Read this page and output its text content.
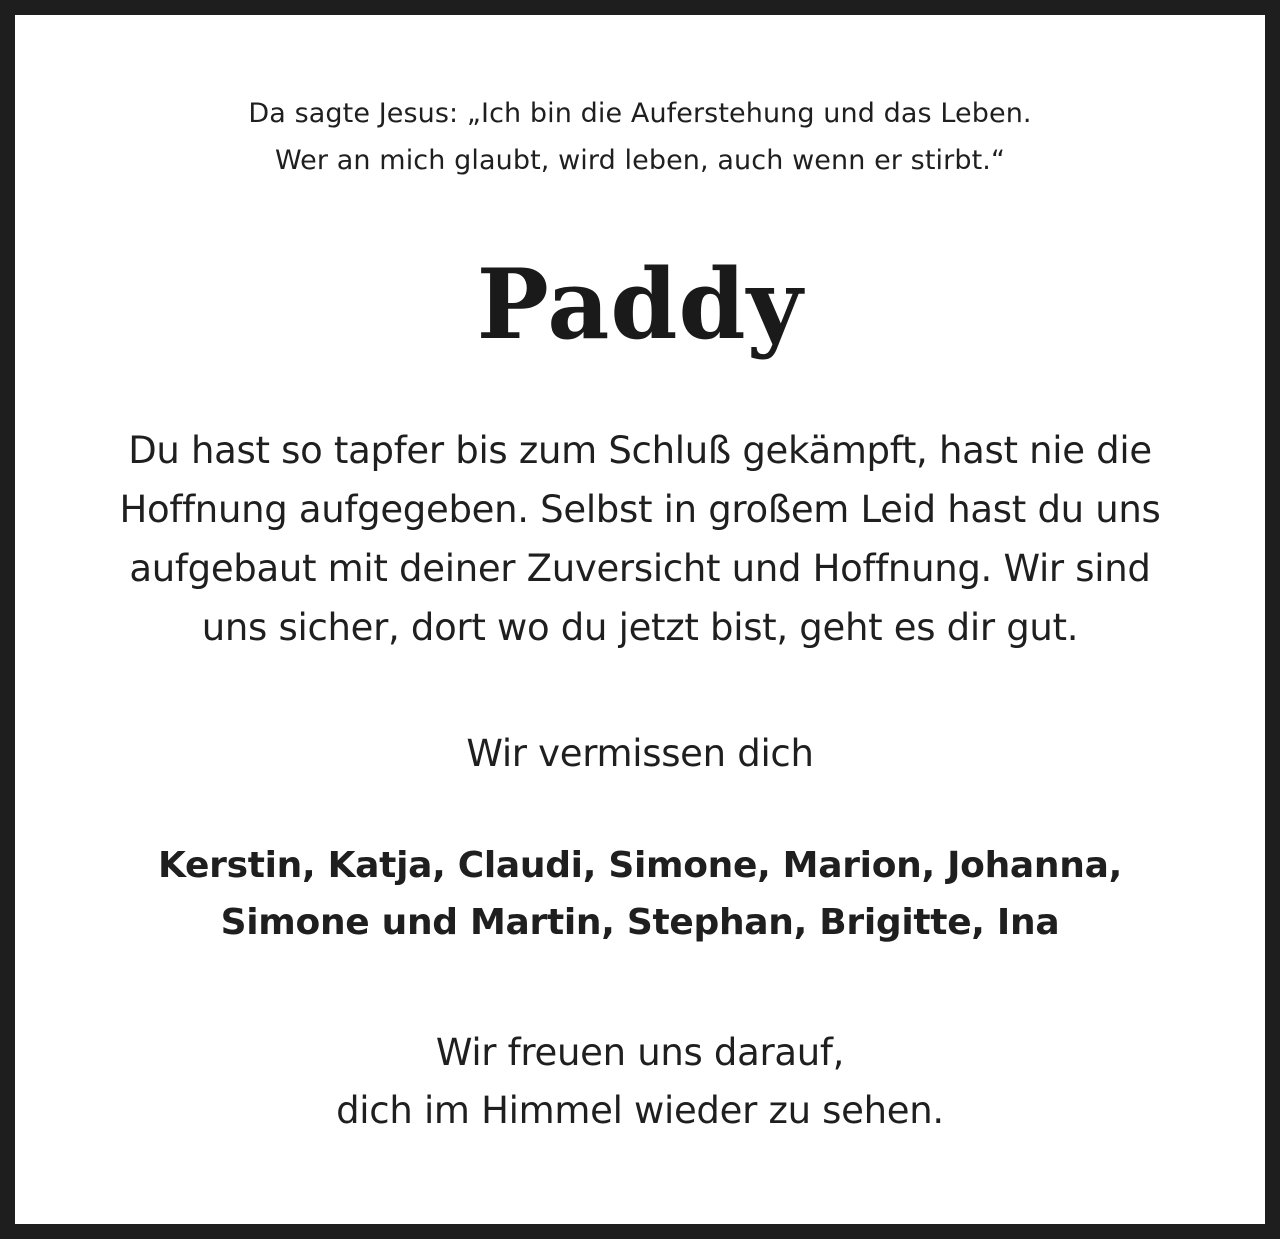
Da sagte Jesus: „Ich bin die Auferstehung und das Leben.

Wer an mich glaubt, wird leben, auch wenn er stirbt.“

Paddy

Du hast so tapfer bis zum Schluß gekämpft, hast nie die

Hoffnung aufgegeben. Selbst in großem Leid hast du uns

aufgebaut mit deiner Zuversicht und Hoffnung. Wir sind

uns sicher, dort wo du jetzt bist, geht es dir gut.

Wir vermissen dich

Kerstin, Katja, Claudi, Simone, Marion, Johanna,

Simone und Martin, Stephan, Brigitte, Ina

Wir freuen uns darauf,

dich im Himmel wieder zu sehen.
